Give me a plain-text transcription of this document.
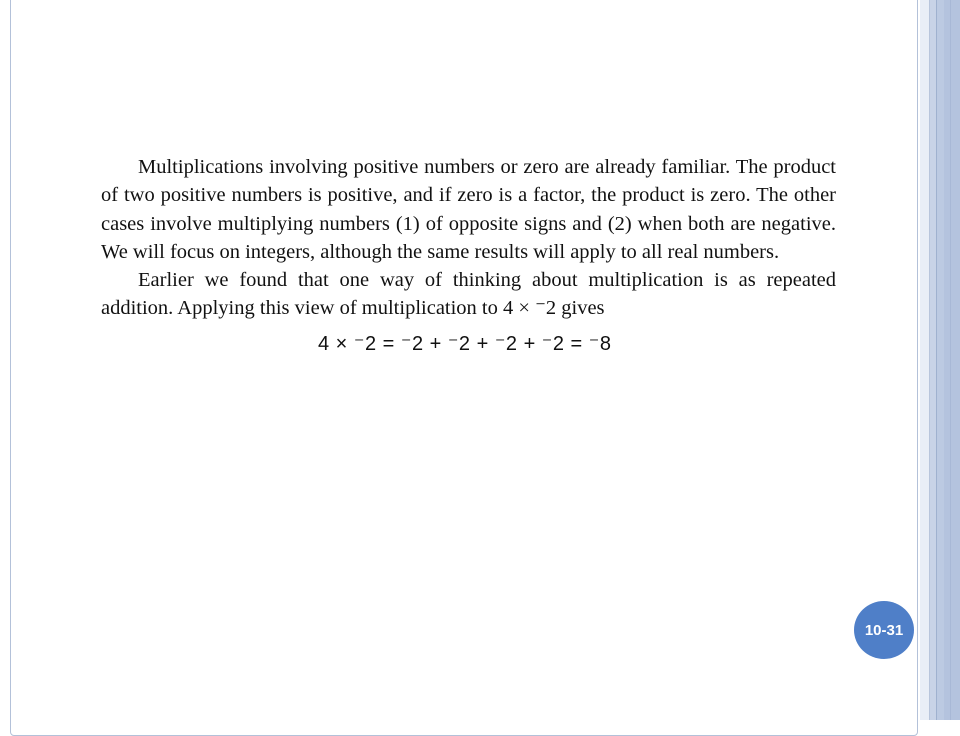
Multiplications involving positive numbers or zero are already familiar. The product of two positive numbers is positive, and if zero is a factor, the product is zero. The other cases involve multiplying numbers (1) of opposite signs and (2) when both are negative. We will focus on integers, although the same results will apply to all real numbers.

Earlier we found that one way of thinking about multiplication is as repeated addition. Applying this view of multiplication to 4 × ⁻2 gives

4 × ⁻2 = ⁻2 + ⁻2 + ⁻2 + ⁻2 = ⁻8
10-31
